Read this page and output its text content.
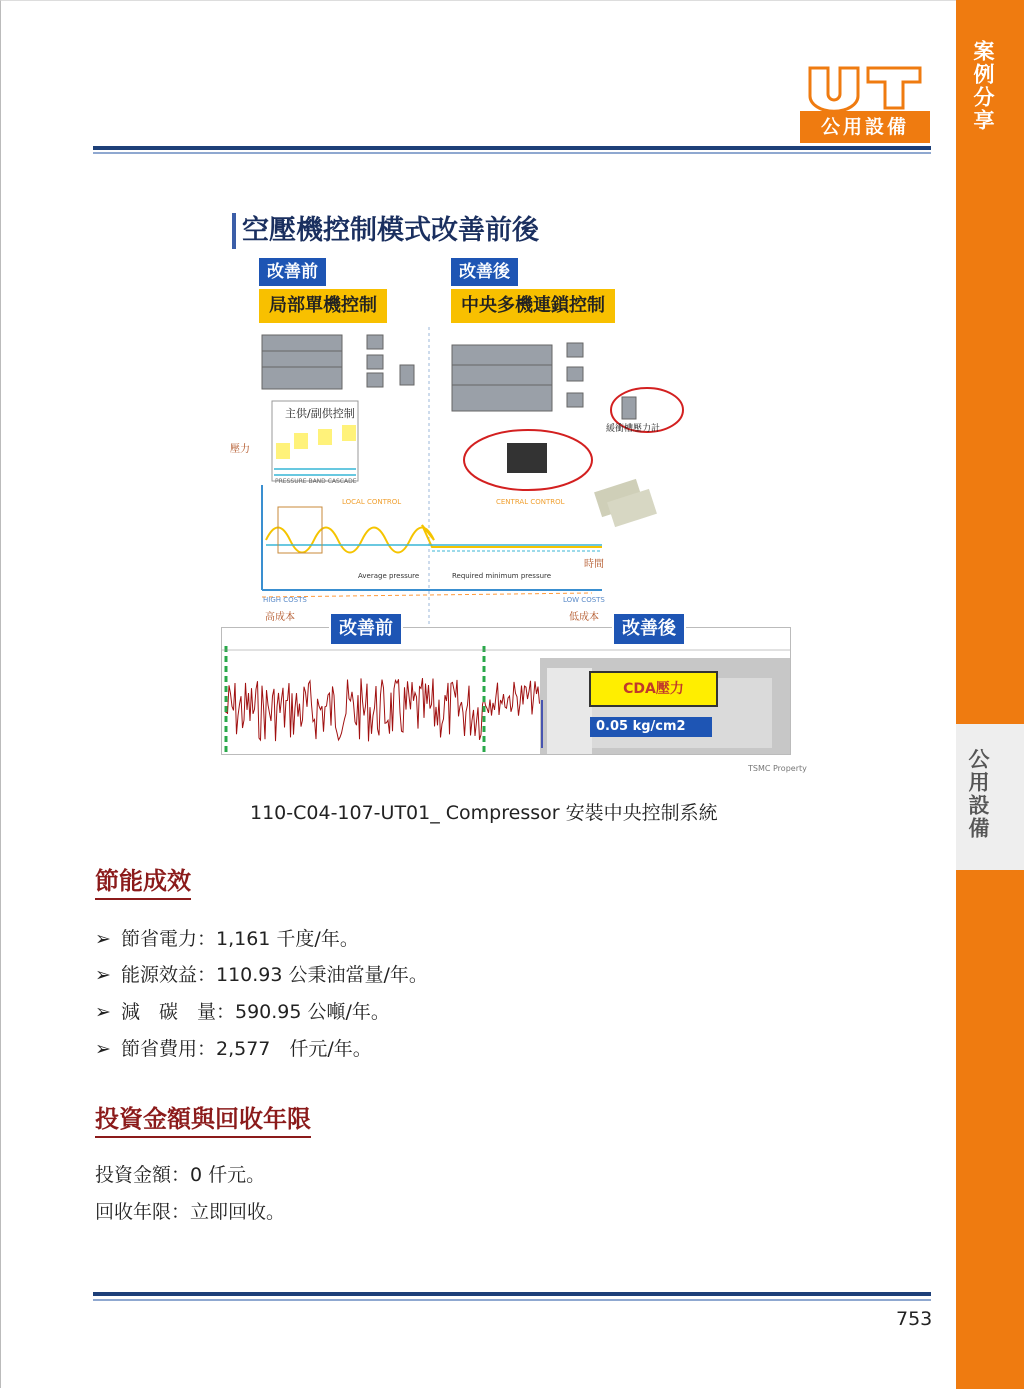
案例分享
公用設備
公用設備
空壓機控制模式改善前後
改善前	改善後
局部單機控制	中央多機連鎖控制
主供/副供控制
壓力
緩衝槽壓力計
PRESSURE BAND CASCADE
LOCAL CONTROL	CENTRAL CONTROL
時間
Average pressure	Required minimum pressure
HIGH COSTS
高成本
LOW COSTS
低成本
改善前	改善後
CDA壓力
0.05 kg/cm2
TSMC Property
110-C04-107-UT01_ Compressor 安裝中央控制系統
節能成效
➢ 節省電力：1,161 千度/年。
➢ 能源效益：110.93 公秉油當量/年。
➢ 減　碳　量：590.95 公噸/年。
➢ 節省費用：2,577　仟元/年。
投資金額與回收年限
投資金額：0 仟元。
回收年限：立即回收。
753
